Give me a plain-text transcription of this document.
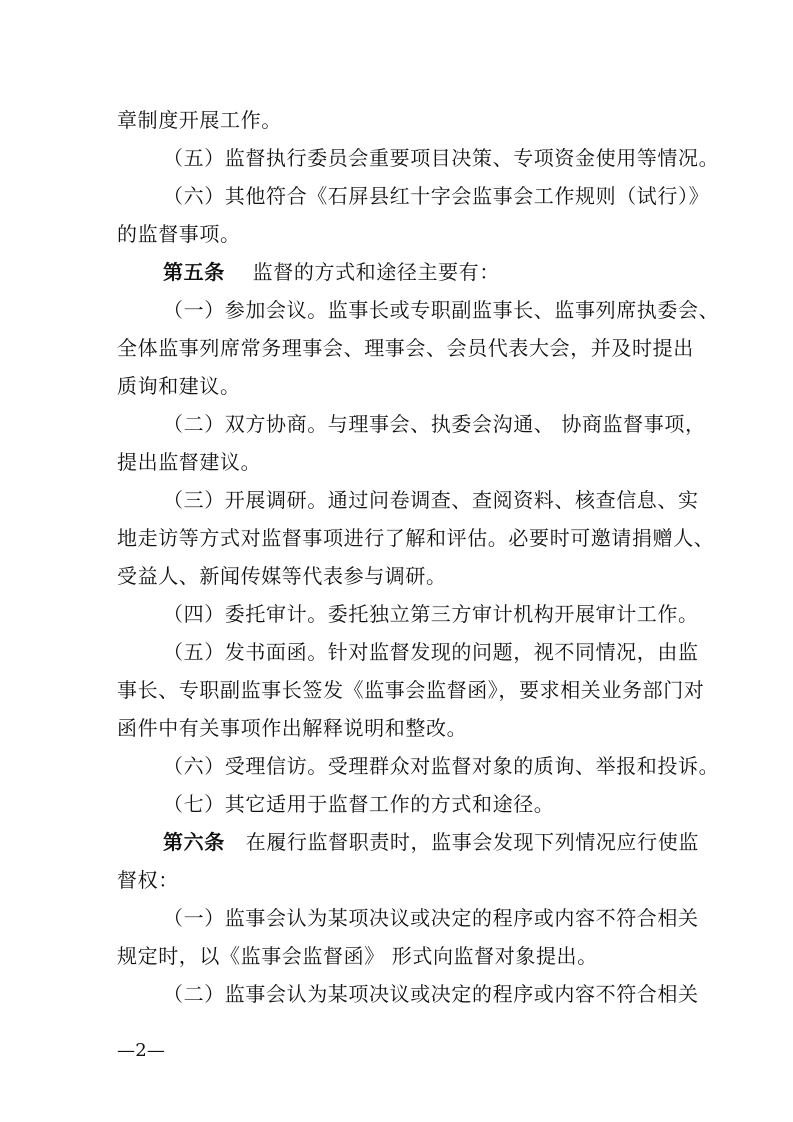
章制度开展工作。
（五）监督执行委员会重要项目决策、专项资金使用等情况。
（六）其他符合《石屏县红十字会监事会工作规则（试行）》
的监督事项。
第五条 监督的方式和途径主要有：
（一）参加会议。监事长或专职副监事长、监事列席执委会、
全体监事列席常务理事会、理事会、会员代表大会，并及时提出
质询和建议。
（二）双方协商。与理事会、执委会沟通、 协商监督事项，
提出监督建议。
（三）开展调研。通过问卷调查、查阅资料、核查信息、实
地走访等方式对监督事项进行了解和评估。必要时可邀请捐赠人、
受益人、新闻传媒等代表参与调研。
（四）委托审计。委托独立第三方审计机构开展审计工作。
（五）发书面函。针对监督发现的问题，视不同情况，由监
事长、专职副监事长签发《监事会监督函》，要求相关业务部门对
函件中有关事项作出解释说明和整改。
（六）受理信访。受理群众对监督对象的质询、举报和投诉。
（七）其它适用于监督工作的方式和途径。
第六条 在履行监督职责时，监事会发现下列情况应行使监
督权：
（一）监事会认为某项决议或决定的程序或内容不符合相关
规定时，以《监事会监督函》 形式向监督对象提出。
（二）监事会认为某项决议或决定的程序或内容不符合相关
—2—
